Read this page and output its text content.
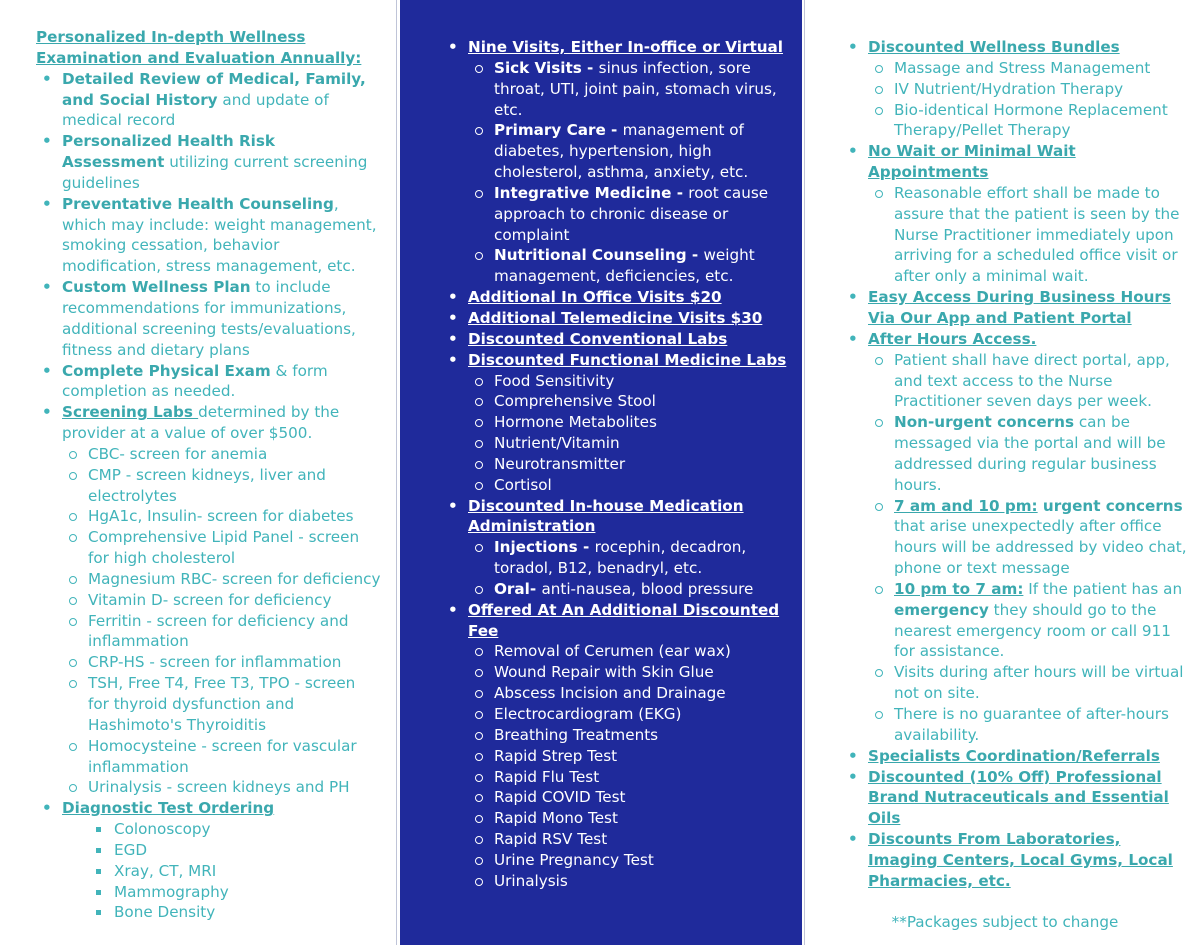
Personalized In-depth Wellness Examination and Evaluation Annually:
• Detailed Review of Medical, Family, and Social History and update of medical record
• Personalized Health Risk Assessment utilizing current screening guidelines
• Preventative Health Counseling, which may include: weight management, smoking cessation, behavior modification, stress management, etc.
• Custom Wellness Plan to include recommendations for immunizations, additional screening tests/evaluations, fitness and dietary plans
• Complete Physical Exam & form completion as needed.
• Screening Labs determined by the provider at a value of over $500.
CBC- screen for anemia
CMP - screen kidneys, liver and electrolytes
HgA1c, Insulin- screen for diabetes
Comprehensive Lipid Panel - screen for high cholesterol
Magnesium RBC- screen for deficiency
Vitamin D- screen for deficiency
Ferritin - screen for deficiency and inflammation
CRP-HS - screen for inflammation
TSH, Free T4, Free T3, TPO - screen for thyroid dysfunction and Hashimoto's Thyroiditis
Homocysteine - screen for vascular inflammation
Urinalysis - screen kidneys and PH
• Diagnostic Test Ordering
Colonoscopy
EGD
Xray, CT, MRI
Mammography
Bone Density
• Nine Visits, Either In-office or Virtual
Sick Visits - sinus infection, sore throat, UTI, joint pain, stomach virus, etc.
Primary Care - management of diabetes, hypertension, high cholesterol, asthma, anxiety, etc.
Integrative Medicine - root cause approach to chronic disease or complaint
Nutritional Counseling - weight management, deficiencies, etc.
• Additional In Office Visits $20
• Additional Telemedicine Visits $30
• Discounted Conventional Labs
• Discounted Functional Medicine Labs
Food Sensitivity
Comprehensive Stool
Hormone Metabolites
Nutrient/Vitamin
Neurotransmitter
Cortisol
• Discounted In-house Medication Administration
Injections - rocephin, decadron, toradol, B12, benadryl, etc.
Oral- anti-nausea, blood pressure
• Offered At An Additional Discounted Fee
Removal of Cerumen (ear wax)
Wound Repair with Skin Glue
Abscess Incision and Drainage
Electrocardiogram (EKG)
Breathing Treatments
Rapid Strep Test
Rapid Flu Test
Rapid COVID Test
Rapid Mono Test
Rapid RSV Test
Urine Pregnancy Test
Urinalysis
• Discounted Wellness Bundles
Massage and Stress Management
IV Nutrient/Hydration Therapy
Bio-identical Hormone Replacement Therapy/Pellet Therapy
• No Wait or Minimal Wait Appointments
Reasonable effort shall be made to assure that the patient is seen by the Nurse Practitioner immediately upon arriving for a scheduled office visit or after only a minimal wait.
• Easy Access During Business Hours Via Our App and Patient Portal
• After Hours Access.
Patient shall have direct portal, app, and text access to the Nurse Practitioner seven days per week.
Non-urgent concerns can be messaged via the portal and will be addressed during regular business hours.
7 am and 10 pm: urgent concerns that arise unexpectedly after office hours will be addressed by video chat, phone or text message
10 pm to 7 am: If the patient has an emergency they should go to the nearest emergency room or call 911 for assistance.
Visits during after hours will be virtual not on site.
There is no guarantee of after-hours availability.
• Specialists Coordination/Referrals
• Discounted (10% Off) Professional Brand Nutraceuticals and Essential Oils
• Discounts From Laboratories, Imaging Centers, Local Gyms, Local Pharmacies, etc.
**Packages subject to change
